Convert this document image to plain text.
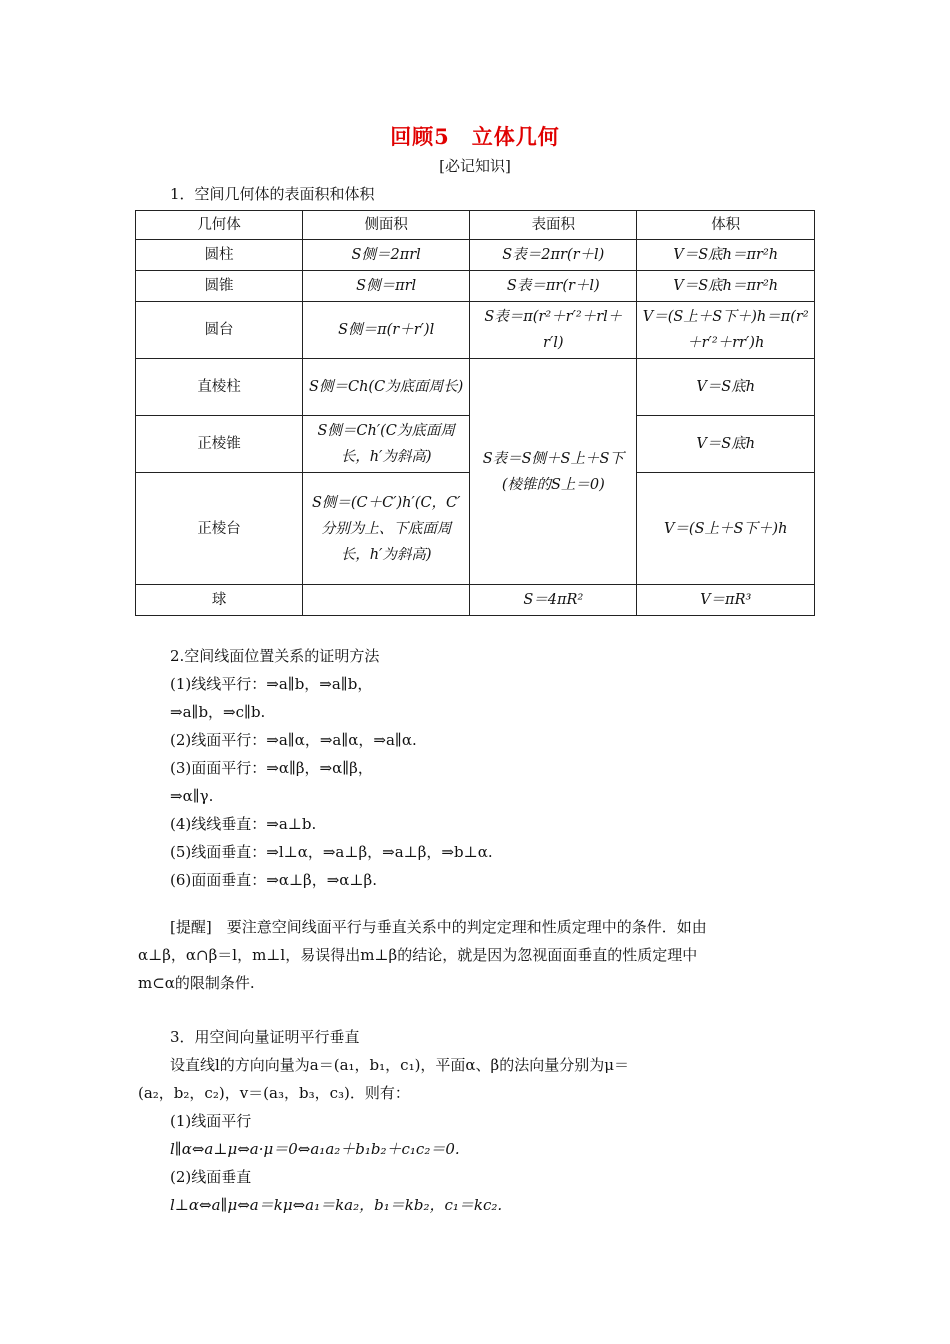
回顾5　立体几何
[必记知识]
1．空间几何体的表面积和体积
几何体	侧面积	表面积	体积
圆柱	S侧＝2πrl	S表＝2πr(r＋l)	V＝S底h＝πr²h
圆锥	S侧＝πrl	S表＝πr(r＋l)	V＝S底h＝πr²h
圆台	S侧＝π(r＋r′)l	S表＝π(r²＋r′²＋rl＋r′l)	V＝(S上＋S下＋)h＝π(r²＋r′²＋rr′)h
直棱柱	S侧＝Ch(C为底面周长)	S表＝S侧＋S上＋S下(棱锥的S上＝0)	V＝S底h
正棱锥	S侧＝Ch′(C为底面周长，h′为斜高)		V＝S底h
正棱台	S侧＝(C＋C′)h′(C，C′分别为上、下底面周长，h′为斜高)		V＝(S上＋S下＋)h
球		S＝4πR²	V＝πR³
2.空间线面位置关系的证明方法
(1)线线平行：⇒a∥b，⇒a∥b，
⇒a∥b，⇒c∥b.
(2)线面平行：⇒a∥α，⇒a∥α，⇒a∥α.
(3)面面平行：⇒α∥β，⇒α∥β，
⇒α∥γ.
(4)线线垂直：⇒a⊥b.
(5)线面垂直：⇒l⊥α，⇒a⊥β，⇒a⊥β，⇒b⊥α.
(6)面面垂直：⇒α⊥β，⇒α⊥β.
[提醒]　要注意空间线面平行与垂直关系中的判定定理和性质定理中的条件．如由
α⊥β，α∩β＝l，m⊥l，易误得出m⊥β的结论，就是因为忽视面面垂直的性质定理中
m⊂α的限制条件.
3．用空间向量证明平行垂直
设直线l的方向向量为a＝(a₁，b₁，c₁)，平面α、β的法向量分别为μ＝
(a₂，b₂，c₂)，v＝(a₃，b₃，c₃)．则有：
(1)线面平行
l∥α⇔a⊥μ⇔a·μ＝0⇔a₁a₂＋b₁b₂＋c₁c₂＝0.
(2)线面垂直
l⊥α⇔a∥μ⇔a＝kμ⇔a₁＝ka₂，b₁＝kb₂，c₁＝kc₂.
